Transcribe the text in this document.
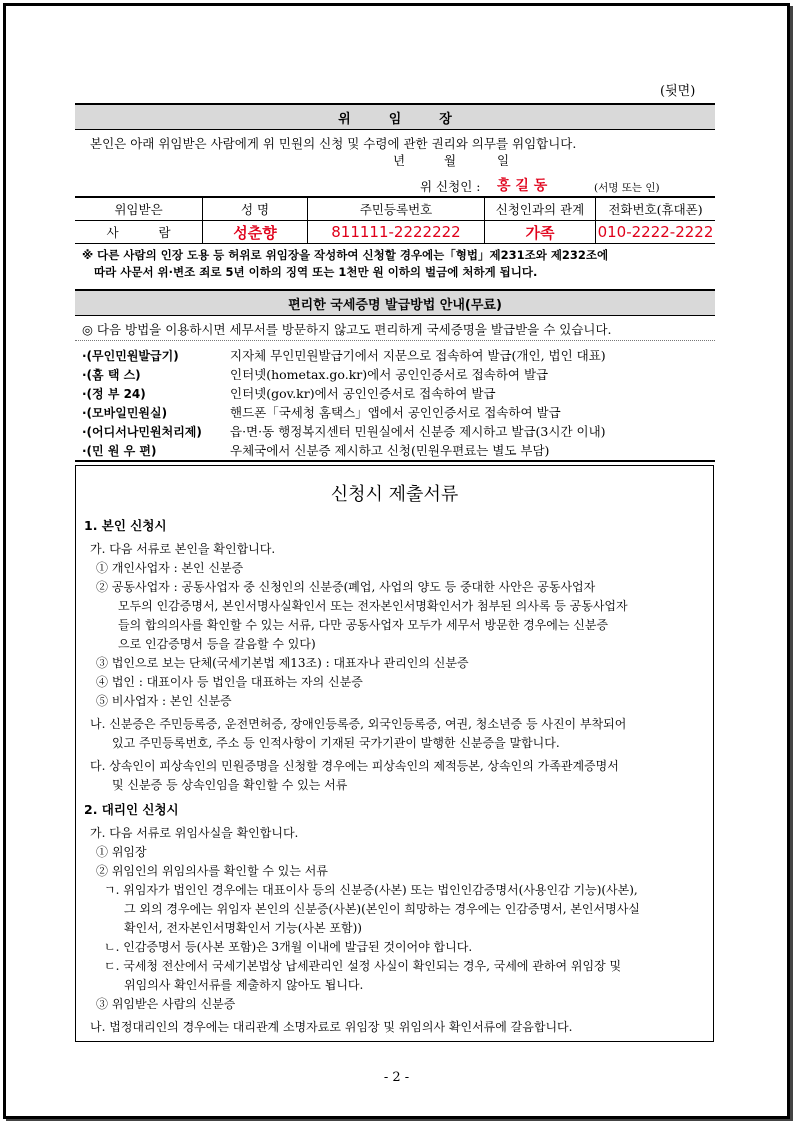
(뒷면)
위임장
본인은 아래 위임받은 사람에게 위 민원의 신청 및 수령에 관한 권리와 의무를 위임합니다.
년	월	일
위 신청인 : 홍 길 동	(서명 또는 인)
위임받은	성 명	주민등록번호	신청인과의 관계	전화번호(휴대폰)
사 람	성춘향	811111-2222222	가족	010-2222-2222
※ 다른 사람의 인장 도용 등 허위로 위임장을 작성하여 신청할 경우에는「형법」제231조와 제232조에
따라 사문서 위·변조 죄로 5년 이하의 징역 또는 1천만 원 이하의 벌금에 처하게 됩니다.
편리한 국세증명 발급방법 안내(무료)
◎ 다음 방법을 이용하시면 세무서를 방문하지 않고도 편리하게 국세증명을 발급받을 수 있습니다.
·(무인민원발급기)	지자체 무인민원발급기에서 지문으로 접속하여 발급(개인, 법인 대표)
·(홈 택 스)	인터넷(hometax.go.kr)에서 공인인증서로 접속하여 발급
·(정 부 24)	인터넷(gov.kr)에서 공인인증서로 접속하여 발급
·(모바일민원실)	핸드폰「국세청 홈택스」앱에서 공인인증서로 접속하여 발급
·(어디서나민원처리제) 읍·면·동 행정복지센터 민원실에서 신분증 제시하고 발급(3시간 이내)
·(민 원 우 편)	우체국에서 신분증 제시하고 신청(민원우편료는 별도 부담)
신청시 제출서류
1. 본인 신청시
가. 다음 서류로 본인을 확인합니다.
① 개인사업자 : 본인 신분증
② 공동사업자 : 공동사업자 중 신청인의 신분증(폐업, 사업의 양도 등 중대한 사안은 공동사업자
모두의 인감증명서, 본인서명사실확인서 또는 전자본인서명확인서가 첨부된 의사록 등 공동사업자
들의 합의의사를 확인할 수 있는 서류, 다만 공동사업자 모두가 세무서 방문한 경우에는 신분증
으로 인감증명서 등을 갈음할 수 있다)
③ 법인으로 보는 단체(국세기본법 제13조) : 대표자나 관리인의 신분증
④ 법인 : 대표이사 등 법인을 대표하는 자의 신분증
⑤ 비사업자 : 본인 신분증
나. 신분증은 주민등록증, 운전면허증, 장애인등록증, 외국인등록증, 여권, 청소년증 등 사진이 부착되어
있고 주민등록번호, 주소 등 인적사항이 기재된 국가기관이 발행한 신분증을 말합니다.
다. 상속인이 피상속인의 민원증명을 신청할 경우에는 피상속인의 제적등본, 상속인의 가족관계증명서
및 신분증 등 상속인임을 확인할 수 있는 서류
2. 대리인 신청시
가. 다음 서류로 위임사실을 확인합니다.
① 위임장
② 위임인의 위임의사를 확인할 수 있는 서류
ㄱ. 위임자가 법인인 경우에는 대표이사 등의 신분증(사본) 또는 법인인감증명서(사용인감 기능)(사본),
그 외의 경우에는 위임자 본인의 신분증(사본)(본인이 희망하는 경우에는 인감증명서, 본인서명사실
확인서, 전자본인서명확인서 기능(사본 포함))
ㄴ. 인감증명서 등(사본 포함)은 3개월 이내에 발급된 것이어야 합니다.
ㄷ. 국세청 전산에서 국세기본법상 납세관리인 설정 사실이 확인되는 경우, 국세에 관하여 위임장 및
위임의사 확인서류를 제출하지 않아도 됩니다.
③ 위임받은 사람의 신분증
나. 법정대리인의 경우에는 대리관계 소명자료로 위임장 및 위임의사 확인서류에 갈음합니다.
- 2 -
